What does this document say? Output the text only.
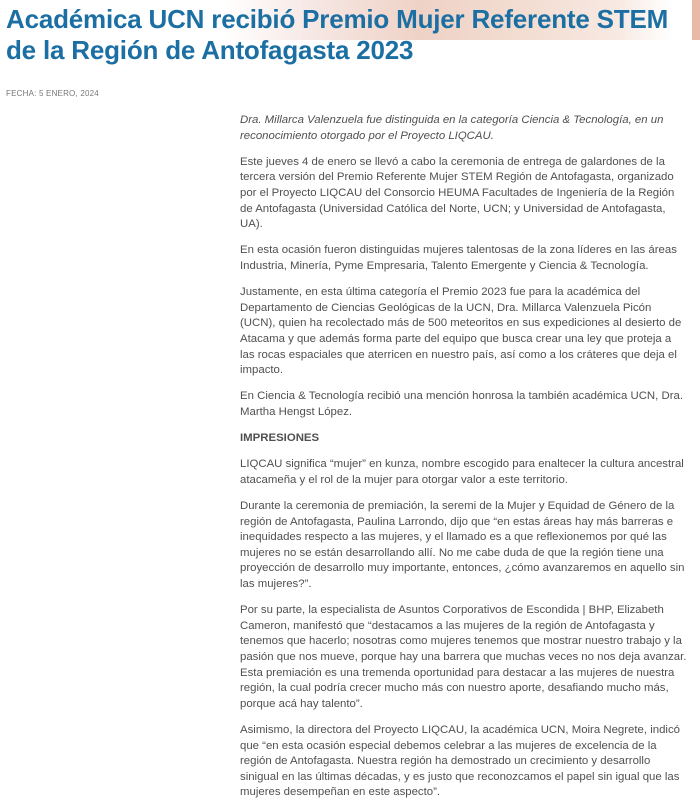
Académica UCN recibió Premio Mujer Referente STEM de la Región de Antofagasta 2023
FECHA: 5 ENERO, 2024

Dra. Millarca Valenzuela fue distinguida en la categoría Ciencia & Tecnología, en un reconocimiento otorgado por el Proyecto LIQCAU.

Este jueves 4 de enero se llevó a cabo la ceremonia de entrega de galardones de la tercera versión del Premio Referente Mujer STEM Región de Antofagasta, organizado por el Proyecto LIQCAU del Consorcio HEUMA Facultades de Ingeniería de la Región de Antofagasta (Universidad Católica del Norte, UCN; y Universidad de Antofagasta, UA).

En esta ocasión fueron distinguidas mujeres talentosas de la zona líderes en las áreas Industria, Minería, Pyme Empresaria, Talento Emergente y Ciencia & Tecnología.

Justamente, en esta última categoría el Premio 2023 fue para la académica del Departamento de Ciencias Geológicas de la UCN, Dra. Millarca Valenzuela Picón (UCN), quien ha recolectado más de 500 meteoritos en sus expediciones al desierto de Atacama y que además forma parte del equipo que busca crear una ley que proteja a las rocas espaciales que aterricen en nuestro país, así como a los cráteres que deja el impacto.

En Ciencia & Tecnología recibió una mención honrosa la también académica UCN, Dra. Martha Hengst López.

IMPRESIONES

LIQCAU significa “mujer” en kunza, nombre escogido para enaltecer la cultura ancestral atacameña y el rol de la mujer para otorgar valor a este territorio.

Durante la ceremonia de premiación, la seremi de la Mujer y Equidad de Género de la región de Antofagasta, Paulina Larrondo, dijo que “en estas áreas hay más barreras e inequidades respecto a las mujeres, y el llamado es a que reflexionemos por qué las mujeres no se están desarrollando allí. No me cabe duda de que la región tiene una proyección de desarrollo muy importante, entonces, ¿cómo avanzaremos en aquello sin las mujeres?”.

Por su parte, la especialista de Asuntos Corporativos de Escondida | BHP, Elizabeth Cameron, manifestó que “destacamos a las mujeres de la región de Antofagasta y tenemos que hacerlo; nosotras como mujeres tenemos que mostrar nuestro trabajo y la pasión que nos mueve, porque hay una barrera que muchas veces no nos deja avanzar. Esta premiación es una tremenda oportunidad para destacar a las mujeres de nuestra región, la cual podría crecer mucho más con nuestro aporte, desafiando mucho más, porque acá hay talento”.

Asimismo, la directora del Proyecto LIQCAU, la académica UCN, Moira Negrete, indicó que “en esta ocasión especial debemos celebrar a las mujeres de excelencia de la región de Antofagasta. Nuestra región ha demostrado un crecimiento y desarrollo sinigual en las últimas décadas, y es justo que reconozcamos el papel sin igual que las mujeres desempeñan en este aspecto”.
